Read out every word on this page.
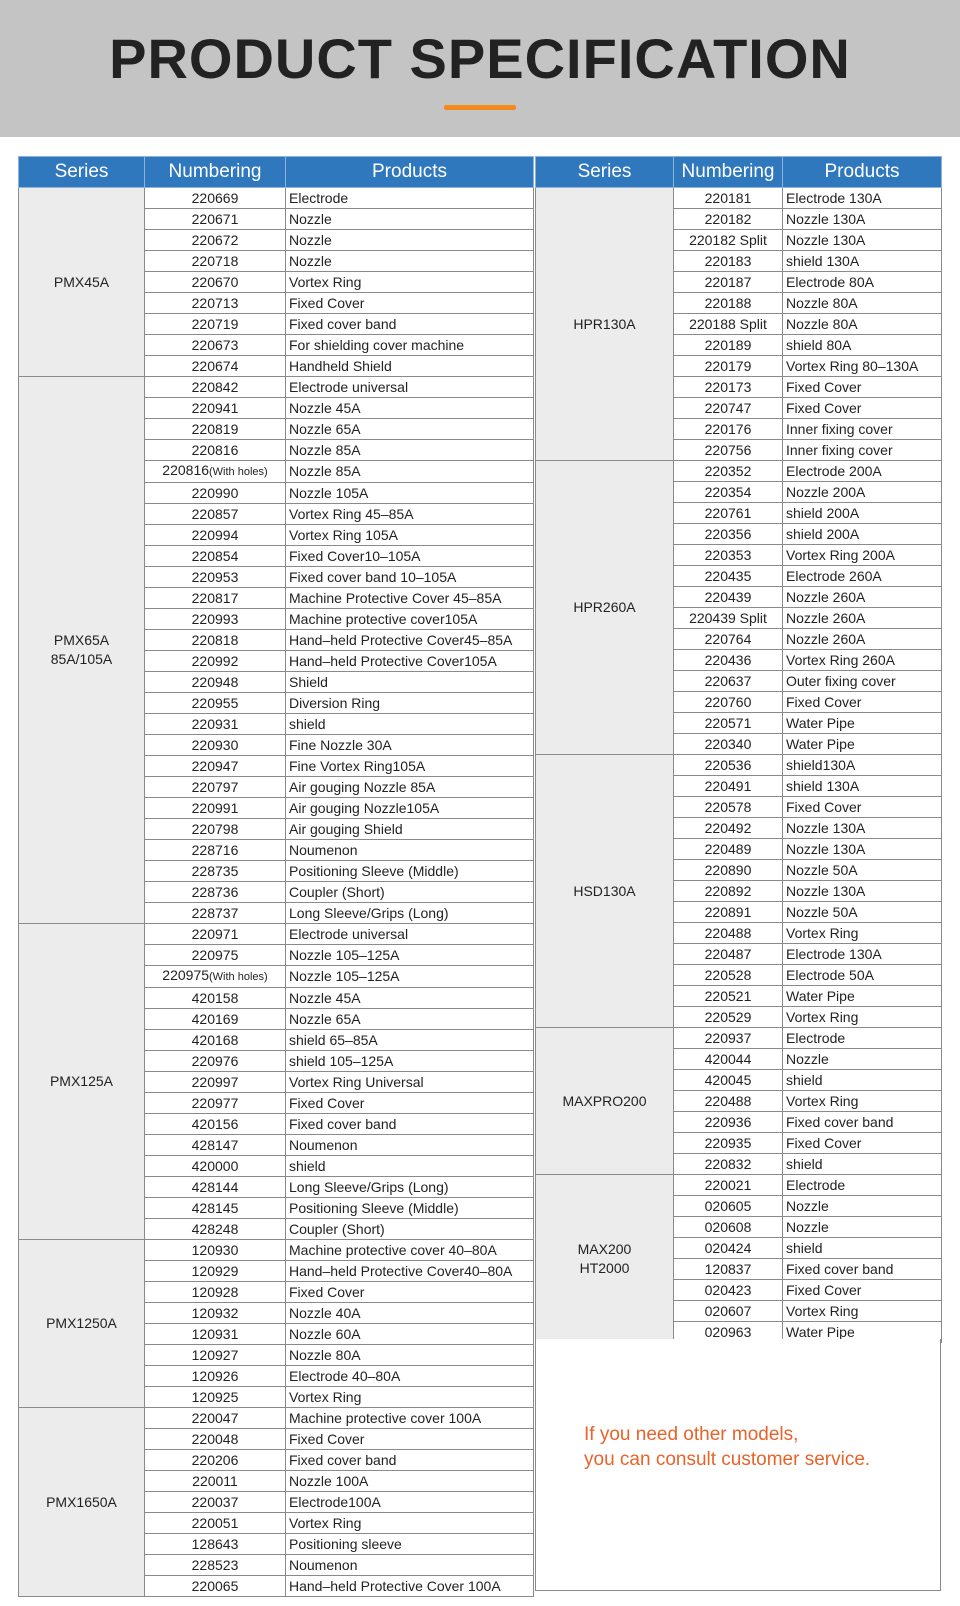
PRODUCT SPECIFICATION
Series	Numbering	Products

PMX45A	220669	Electrode
	220671	Nozzle
	220672	Nozzle
	220718	Nozzle
	220670	Vortex Ring
	220713	Fixed Cover
	220719	Fixed cover band
	220673	For shielding cover machine
	220674	Handheld Shield

PMX65A
85A/105A	220842	Electrode universal
	220941	Nozzle 45A
	220819	Nozzle 65A
	220816	Nozzle 85A
	220816(With holes)	Nozzle 85A
	220990	Nozzle 105A
	220857	Vortex Ring 45–85A
	220994	Vortex Ring 105A
	220854	Fixed Cover10–105A
	220953	Fixed cover band 10–105A
	220817	Machine Protective Cover 45–85A
	220993	Machine protective cover105A
	220818	Hand–held Protective Cover45–85A
	220992	Hand–held Protective Cover105A
	220948	Shield
	220955	Diversion Ring
	220931	shield
	220930	Fine Nozzle 30A
	220947	Fine Vortex Ring105A
	220797	Air gouging Nozzle 85A
	220991	Air gouging Nozzle105A
	220798	Air gouging Shield
	228716	Noumenon
	228735	Positioning Sleeve (Middle)
	228736	Coupler (Short)
	228737	Long Sleeve/Grips (Long)

PMX125A	220971	Electrode universal
	220975	Nozzle 105–125A
	220975(With holes)	Nozzle 105–125A
	420158	Nozzle 45A
	420169	Nozzle 65A
	420168	shield 65–85A
	220976	shield 105–125A
	220997	Vortex Ring Universal
	220977	Fixed Cover
	420156	Fixed cover band
	428147	Noumenon
	420000	shield
	428144	Long Sleeve/Grips (Long)
	428145	Positioning Sleeve (Middle)
	428248	Coupler (Short)

PMX1250A	120930	Machine protective cover 40–80A
	120929	Hand–held Protective Cover40–80A
	120928	Fixed Cover
	120932	Nozzle 40A
	120931	Nozzle 60A
	120927	Nozzle 80A
	120926	Electrode 40–80A
	120925	Vortex Ring

PMX1650A	220047	Machine protective cover 100A
	220048	Fixed Cover
	220206	Fixed cover band
	220011	Nozzle 100A
	220037	Electrode100A
	220051	Vortex Ring
	128643	Positioning sleeve
	228523	Noumenon
	220065	Hand–held Protective Cover 100A
Series	Numbering	Products

HPR130A	220181	Electrode 130A
	220182	Nozzle 130A
	220182 Split	Nozzle 130A
	220183	shield 130A
	220187	Electrode 80A
	220188	Nozzle 80A
	220188 Split	Nozzle 80A
	220189	shield 80A
	220179	Vortex Ring 80–130A
	220173	Fixed Cover
	220747	Fixed Cover
	220176	Inner fixing cover
	220756	Inner fixing cover

HPR260A	220352	Electrode 200A
	220354	Nozzle 200A
	220761	shield 200A
	220356	shield 200A
	220353	Vortex Ring 200A
	220435	Electrode 260A
	220439	Nozzle 260A
	220439 Split	Nozzle 260A
	220764	Nozzle 260A
	220436	Vortex Ring 260A
	220637	Outer fixing cover
	220760	Fixed Cover
	220571	Water Pipe
	220340	Water Pipe

HSD130A	220536	shield130A
	220491	shield 130A
	220578	Fixed Cover
	220492	Nozzle 130A
	220489	Nozzle 130A
	220890	Nozzle 50A
	220892	Nozzle 130A
	220891	Nozzle 50A
	220488	Vortex Ring
	220487	Electrode 130A
	220528	Electrode 50A
	220521	Water Pipe
	220529	Vortex Ring

MAXPRO200	220937	Electrode
	420044	Nozzle
	420045	shield
	220488	Vortex Ring
	220936	Fixed cover band
	220935	Fixed Cover
	220832	shield

MAX200
HT2000	220021	Electrode
	020605	Nozzle
	020608	Nozzle
	020424	shield
	120837	Fixed cover band
	020423	Fixed Cover
	020607	Vortex Ring
	020963	Water Pipe
If you need other models,
you can consult customer service.
